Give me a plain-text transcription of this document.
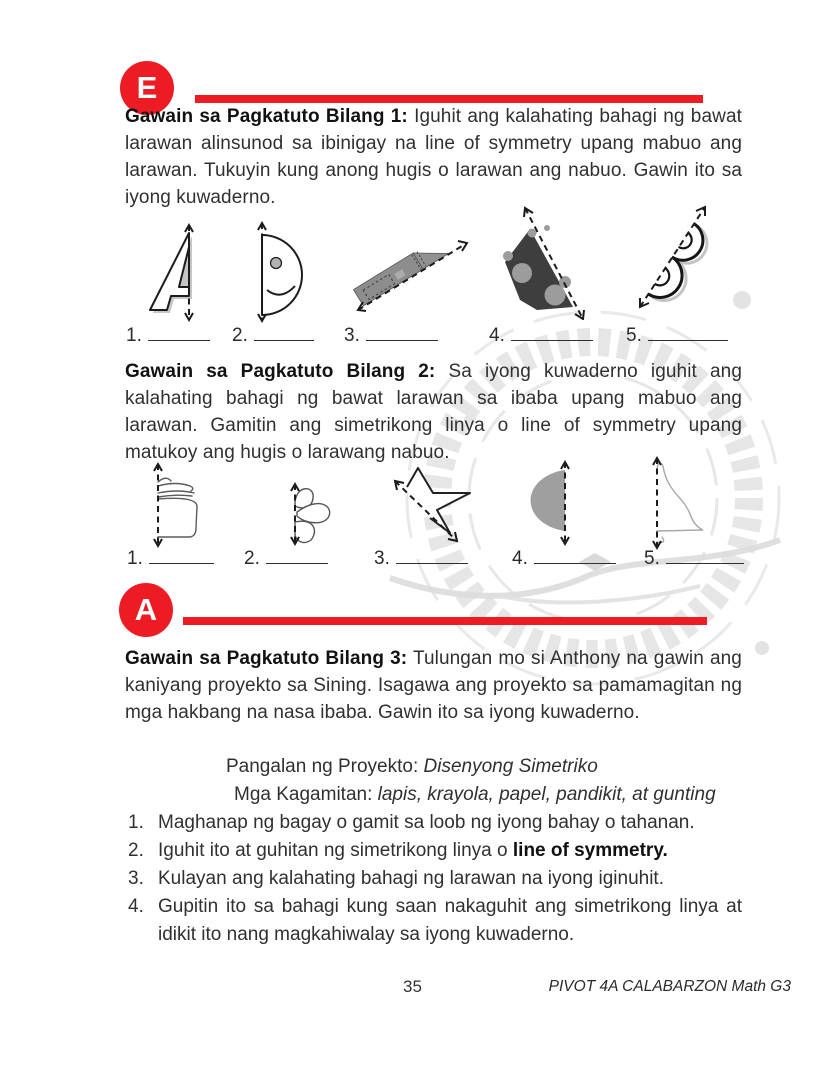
E

Gawain sa Pagkatuto Bilang 1: Iguhit ang kalahating bahagi ng bawat larawan alinsunod sa ibinigay na line of symmetry upang mabuo ang larawan. Tukuyin kung anong hugis o larawan ang nabuo. Gawin ito sa iyong kuwaderno.

1.	2.	3.	4.	5.

Gawain sa Pagkatuto Bilang 2: Sa iyong kuwaderno iguhit ang kalahating bahagi ng bawat larawan sa ibaba upang mabuo ang larawan. Gamitin ang simetrikong linya o line of symmetry upang matukoy ang hugis o larawang nabuo.

1.	2.	3.	4.	5.
A

Gawain sa Pagkatuto Bilang 3: Tulungan mo si Anthony na gawin ang kaniyang proyekto sa Sining. Isagawa ang proyekto sa pamamagitan ng mga hakbang na nasa ibaba. Gawin ito sa iyong kuwaderno.

Pangalan ng Proyekto: Disenyong Simetriko
Mga Kagamitan: lapis, krayola, papel, pandikit, at gunting
1. Maghanap ng bagay o gamit sa loob ng iyong bahay o tahanan.
2. Iguhit ito at guhitan ng simetrikong linya o line of symmetry.
3. Kulayan ang kalahating bahagi ng larawan na iyong iginuhit.
4. Gupitin ito sa bahagi kung saan nakaguhit ang simetrikong linya at idikit ito nang magkahiwalay sa iyong kuwaderno.
35	PIVOT 4A CALABARZON Math G3
